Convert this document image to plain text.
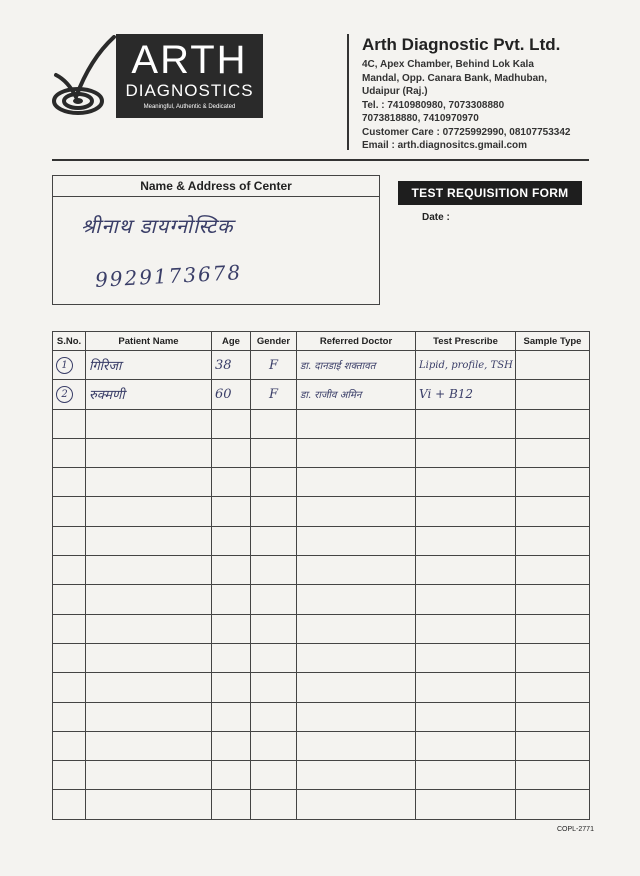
ARTH
DIAGNOSTICS
Meaningful, Authentic & Dedicated
Arth Diagnostic Pvt. Ltd.
4C, Apex Chamber, Behind Lok Kala
Mandal, Opp. Canara Bank, Madhuban,
Udaipur (Raj.)
Tel. : 7410980980, 7073308880
7073818880, 7410970970
Customer Care : 07725992990, 08107753342
Email : arth.diagnositcs.gmail.com
Name & Address of Center
श्रीनाथ डायग्नोस्टिक
9929173678
TEST REQUISITION FORM
Date :
S.No.	Patient Name	Age	Gender	Referred Doctor	Test Prescribe	Sample Type
1	गिरिजा	38	F	डा. दानडाई शक्तावत	Lipid, profile, TSH	
2	रुक्मणी	60	F	डा. राजीव अमिन	Vi + B12	

COPL-2771
